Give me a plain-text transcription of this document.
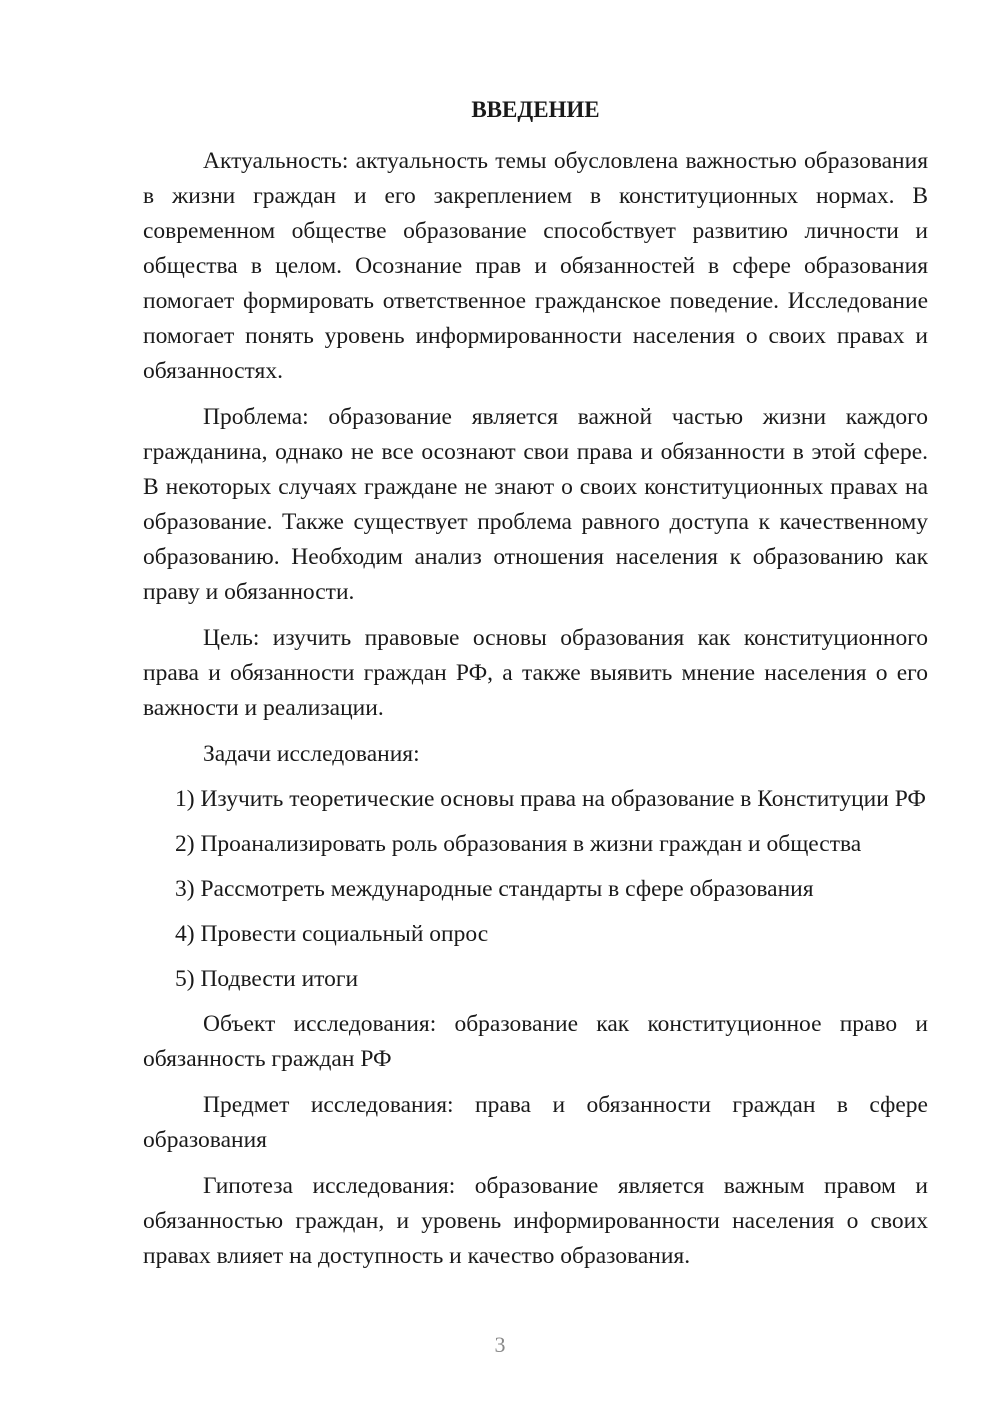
ВВЕДЕНИЕ

Актуальность: актуальность темы обусловлена важностью образования в жизни граждан и его закреплением в конституционных нормах. В современном обществе образование способствует развитию личности и общества в целом. Осознание прав и обязанностей в сфере образования помогает формировать ответственное гражданское поведение. Исследование помогает понять уровень информированности населения о своих правах и обязанностях.

Проблема: образование является важной частью жизни каждого гражданина, однако не все осознают свои права и обязанности в этой сфере. В некоторых случаях граждане не знают о своих конституционных правах на образование. Также существует проблема равного доступа к качественному образованию. Необходим анализ отношения населения к образованию как праву и обязанности.

Цель: изучить правовые основы образования как конституционного права и обязанности граждан РФ, а также выявить мнение населения о его важности и реализации.

Задачи исследования:

1) Изучить теоретические основы права на образование в Конституции РФ

2) Проанализировать роль образования в жизни граждан и общества

3) Рассмотреть международные стандарты в сфере образования

4) Провести социальный опрос

5) Подвести итоги

Объект исследования: образование как конституционное право и обязанность граждан РФ

Предмет исследования: права и обязанности граждан в сфере образования

Гипотеза исследования: образование является важным правом и обязанностью граждан, и уровень информированности населения о своих правах влияет на доступность и качество образования.

3
